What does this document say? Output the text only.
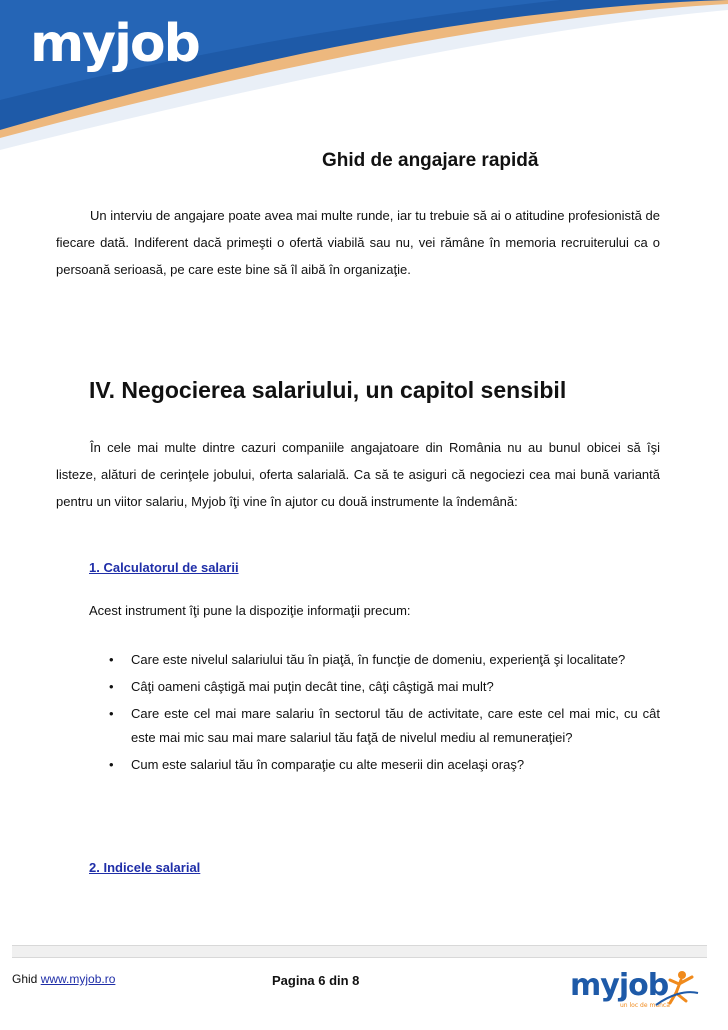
myjob
Ghid de angajare rapidă
Un interviu de angajare poate avea mai multe runde, iar tu trebuie să ai o atitudine profesionistă de fiecare dată. Indiferent dacă primeşti o ofertă viabilă sau nu, vei rămâne în memoria recruiterului ca o persoană serioasă, pe care este bine să îl aibă în organizaţie.
IV. Negocierea salariului, un capitol sensibil
În cele mai multe dintre cazuri companiile angajatoare din România nu au bunul obicei să îşi listeze, alături de cerinţele jobului, oferta salarială. Ca să te asiguri că negociezi cea mai bună variantă pentru un viitor salariu, Myjob îţi vine în ajutor cu două instrumente la îndemână:
1. Calculatorul de salarii
Acest instrument îţi pune la dispoziţie informaţii precum:
• Care este nivelul salariului tău în piaţă, în funcţie de domeniu, experienţă şi localitate?
• Câţi oameni câştigă mai puţin decât tine, câţi câştigă mai mult?
• Care este cel mai mare salariu în sectorul tău de activitate, care este cel mai mic, cu cât este mai mic sau mai mare salariul tău faţă de nivelul mediu al remuneraţiei?
• Cum este salariul tău în comparaţie cu alte meserii din acelaşi oraş?
2. Indicele salarial
Ghid www.myjob.ro	Pagina 6 din 8	myjob
un loc de muncă
